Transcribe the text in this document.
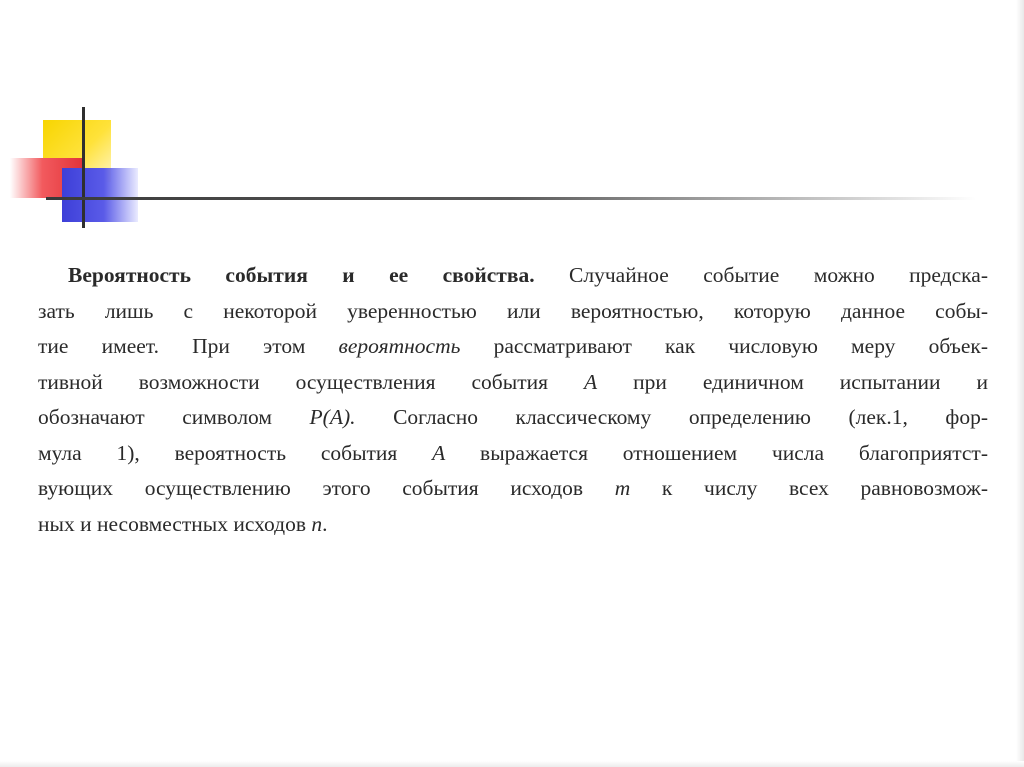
Вероятность события и ее свойства. Случайное событие можно предска-
зать лишь с некоторой уверенностью или вероятностью, которую данное собы-
тие имеет. При этом вероятность рассматривают как числовую меру объек-
тивной возможности осуществления события A при единичном испытании и
обозначают символом P(A). Согласно классическому определению (лек.1, фор-
мула 1), вероятность события A выражается отношением числа благоприятст-
вующих осуществлению этого события исходов m к числу всех равновозмож-
ных и несовместных исходов n.
